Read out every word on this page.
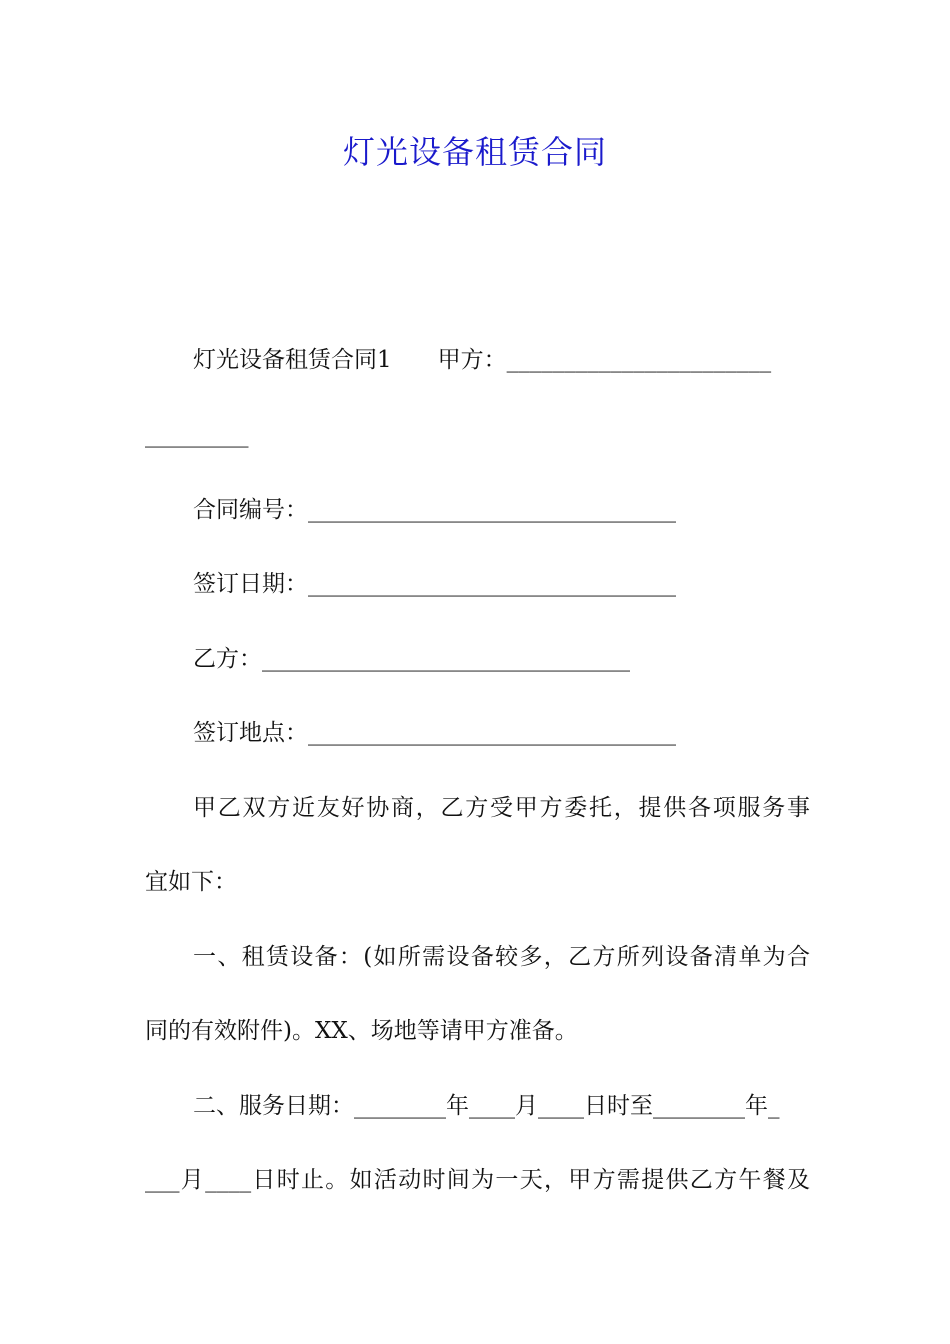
灯光设备租赁合同
灯光设备租赁合同1　　甲方：_______________________
_________
合同编号：________________________________
签订日期：________________________________
乙方：________________________________
签订地点：________________________________
甲乙双方近友好协商，乙方受甲方委托，提供各项服务事
宜如下：
一、租赁设备：(如所需设备较多，乙方所列设备清单为合
同的有效附件)。XX、场地等请甲方准备。
二、服务日期：________年____月____日时至________年_
___月____日时止。如活动时间为一天，甲方需提供乙方午餐及
